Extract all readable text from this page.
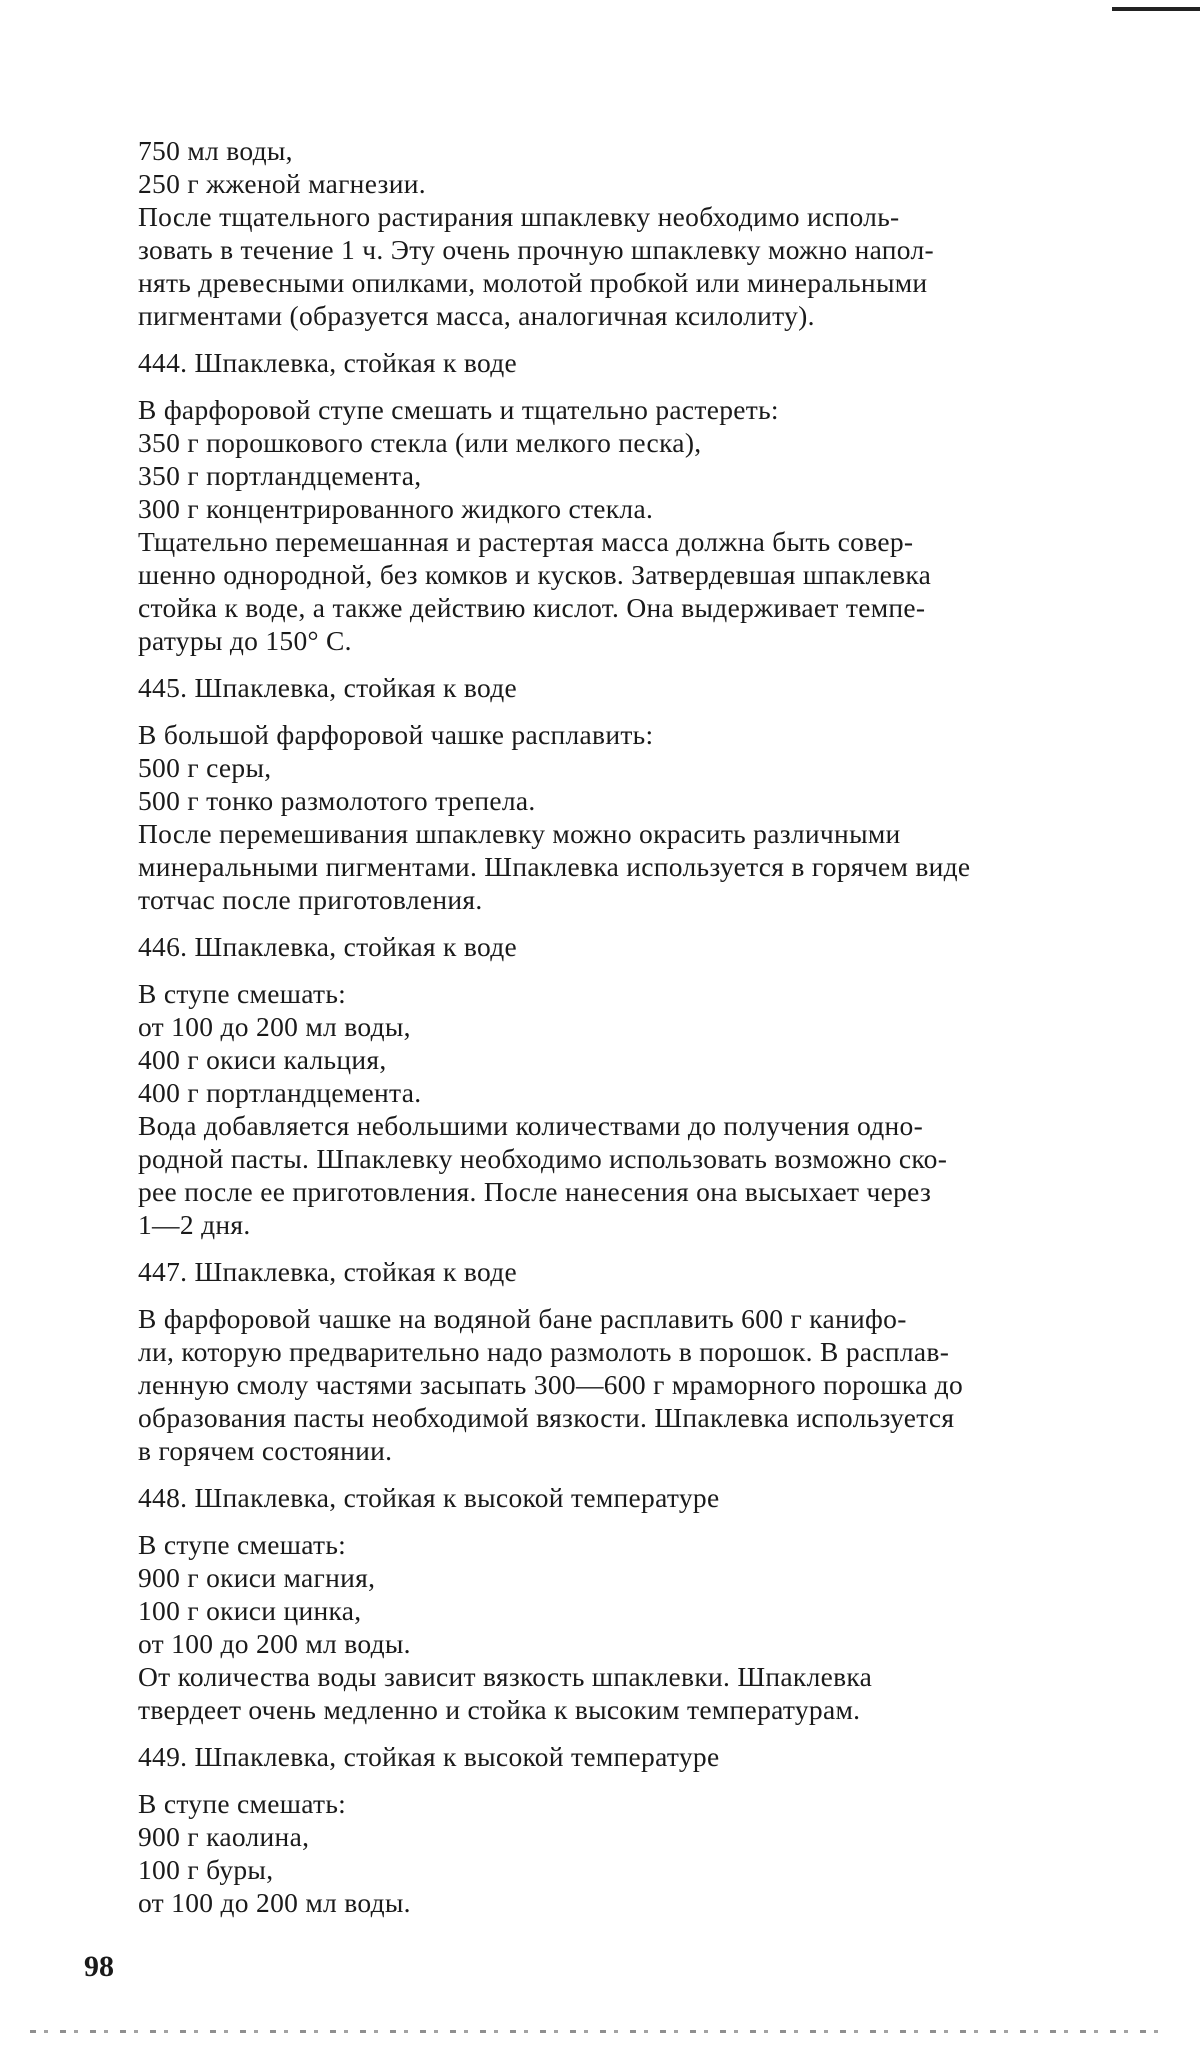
750 мл воды,
250 г жженой магнезии.
После тщательного растирания шпаклевку необходимо исполь-
зовать в течение 1 ч. Эту очень прочную шпаклевку можно напол-
нять древесными опилками, молотой пробкой или минеральными
пигментами (образуется масса, аналогичная ксилолиту).
444. Шпаклевка, стойкая к воде
В фарфоровой ступе смешать и тщательно растереть:
350 г порошкового стекла (или мелкого песка),
350 г портландцемента,
300 г концентрированного жидкого стекла.
Тщательно перемешанная и растертая масса должна быть совер-
шенно однородной, без комков и кусков. Затвердевшая шпаклевка
стойка к воде, а также действию кислот. Она выдерживает темпе-
ратуры до 150° С.
445. Шпаклевка, стойкая к воде
В большой фарфоровой чашке расплавить:
500 г серы,
500 г тонко размолотого трепела.
После перемешивания шпаклевку можно окрасить различными
минеральными пигментами. Шпаклевка используется в горячем виде
тотчас после приготовления.
446. Шпаклевка, стойкая к воде
В ступе смешать:
от 100 до 200 мл воды,
400 г окиси кальция,
400 г портландцемента.
Вода добавляется небольшими количествами до получения одно-
родной пасты. Шпаклевку необходимо использовать возможно ско-
рее после ее приготовления. После нанесения она высыхает через
1—2 дня.
447. Шпаклевка, стойкая к воде
В фарфоровой чашке на водяной бане расплавить 600 г канифо-
ли, которую предварительно надо размолоть в порошок. В расплав-
ленную смолу частями засыпать 300—600 г мраморного порошка до
образования пасты необходимой вязкости. Шпаклевка используется
в горячем состоянии.
448. Шпаклевка, стойкая к высокой температуре
В ступе смешать:
900 г окиси магния,
100 г окиси цинка,
от 100 до 200 мл воды.
От количества воды зависит вязкость шпаклевки. Шпаклевка
твердеет очень медленно и стойка к высоким температурам.
449. Шпаклевка, стойкая к высокой температуре
В ступе смешать:
900 г каолина,
100 г буры,
от 100 до 200 мл воды.
98
